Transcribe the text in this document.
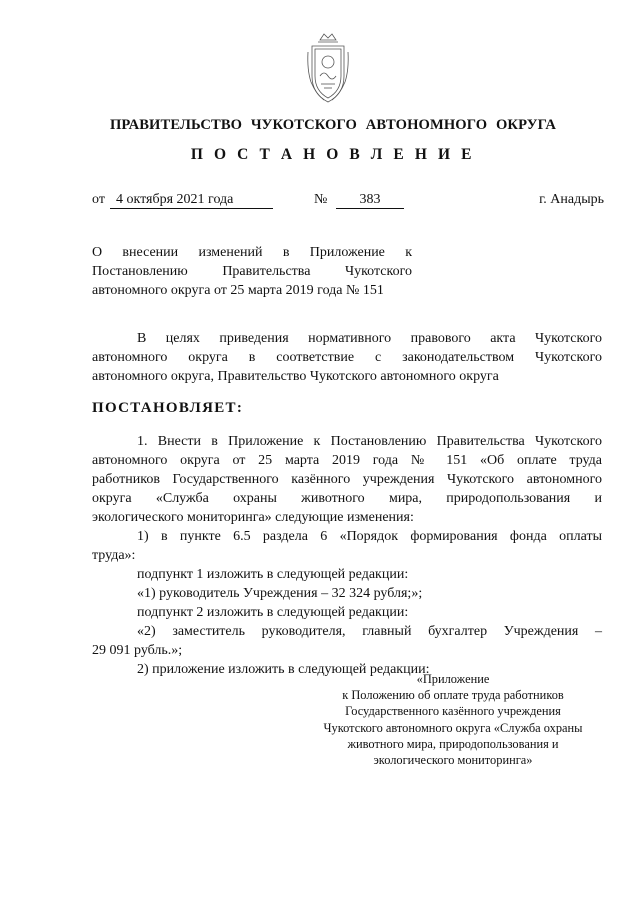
ПРАВИТЕЛЬСТВО ЧУКОТСКОГО АВТОНОМНОГО ОКРУГА
П О С Т А Н О В Л Е Н И Е
от 4 октября 2021 года	№	383	г. Анадырь
О внесении изменений в Приложение к
Постановлению Правительства Чукотского
автономного округа от 25 марта 2019 года № 151
В целях приведения нормативного правового акта Чукотского
автономного округа в соответствие с законодательством Чукотского
автономного округа, Правительство Чукотского автономного округа
ПОСТАНОВЛЯЕТ:
1. Внести в Приложение к Постановлению Правительства Чукотского
автономного округа от 25 марта 2019 года № 151 «Об оплате труда
работников Государственного казённого учреждения Чукотского автономного
округа «Служба охраны животного мира, природопользования и
экологического мониторинга» следующие изменения:
1) в пункте 6.5 раздела 6 «Порядок формирования фонда оплаты
труда»:
подпункт 1 изложить в следующей редакции:
«1) руководитель Учреждения – 32 324 рубля;»;
подпункт 2 изложить в следующей редакции:
«2) заместитель руководителя, главный бухгалтер Учреждения –
29 091 рубль.»;
2) приложение изложить в следующей редакции:
«Приложение
к Положению об оплате труда работников
Государственного казённого учреждения
Чукотского автономного округа «Служба охраны
животного мира, природопользования и
экологического мониторинга»
